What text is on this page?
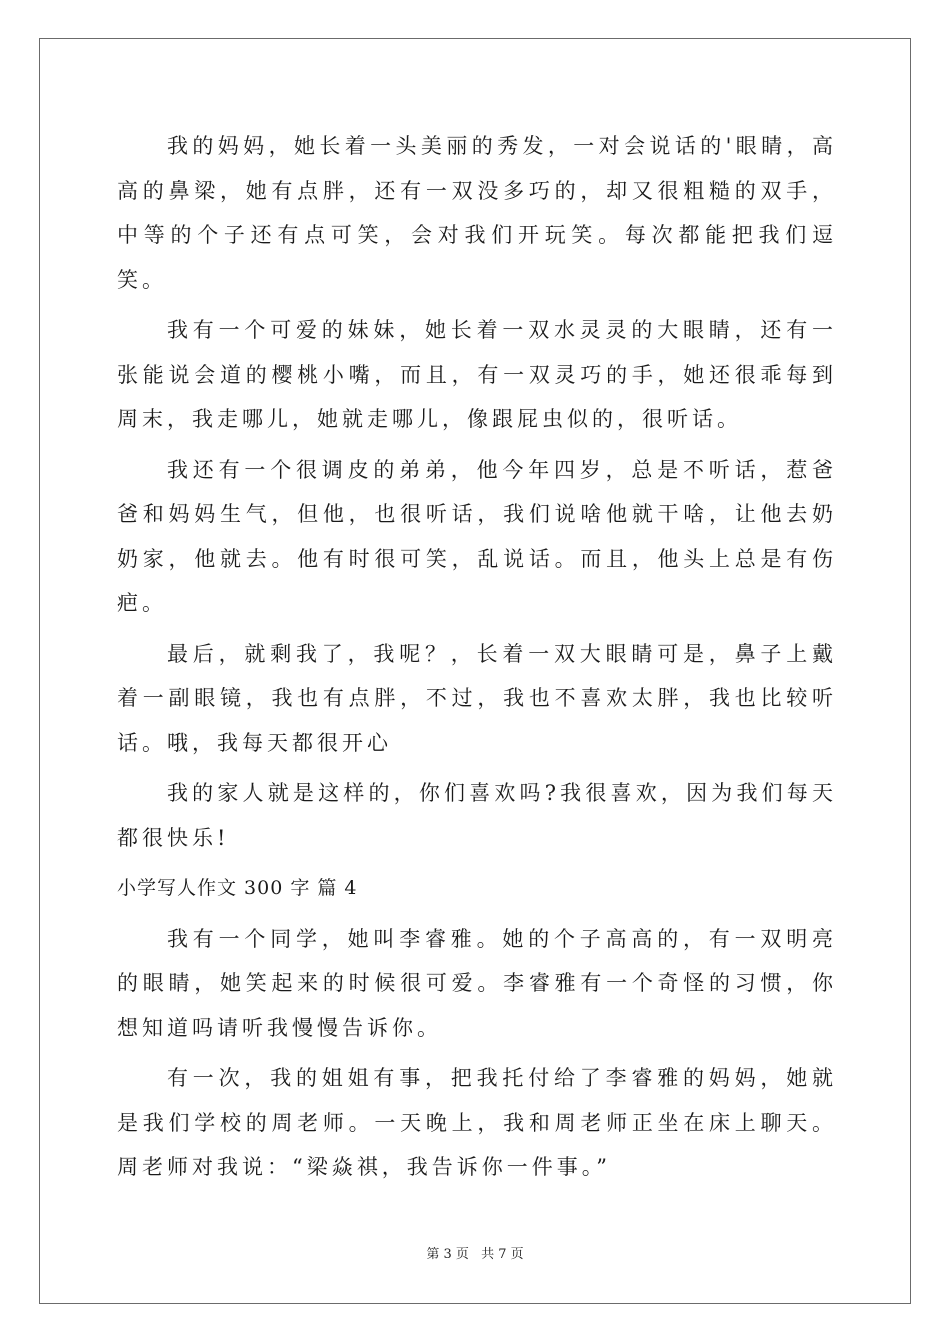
我的妈妈，她长着一头美丽的秀发，一对会说话的'眼睛，高高的鼻梁，她有点胖，还有一双没多巧的，却又很粗糙的双手，中等的个子还有点可笑，会对我们开玩笑。每次都能把我们逗笑。

我有一个可爱的妹妹，她长着一双水灵灵的大眼睛，还有一张能说会道的樱桃小嘴，而且，有一双灵巧的手，她还很乖每到周末，我走哪儿，她就走哪儿，像跟屁虫似的，很听话。

我还有一个很调皮的弟弟，他今年四岁，总是不听话，惹爸爸和妈妈生气，但他，也很听话，我们说啥他就干啥，让他去奶奶家，他就去。他有时很可笑，乱说话。而且，他头上总是有伤疤。

最后，就剩我了，我呢？，长着一双大眼睛可是，鼻子上戴着一副眼镜，我也有点胖，不过，我也不喜欢太胖，我也比较听话。哦，我每天都很开心

我的家人就是这样的，你们喜欢吗?我很喜欢，因为我们每天都很快乐!

小学写人作文 300 字 篇 4

我有一个同学，她叫李睿雅。她的个子高高的，有一双明亮的眼睛，她笑起来的时候很可爱。李睿雅有一个奇怪的习惯，你想知道吗请听我慢慢告诉你。

有一次，我的姐姐有事，把我托付给了李睿雅的妈妈，她就是我们学校的周老师。一天晚上，我和周老师正坐在床上聊天。周老师对我说：“梁焱祺，我告诉你一件事。”

第 3 页 共 7 页
